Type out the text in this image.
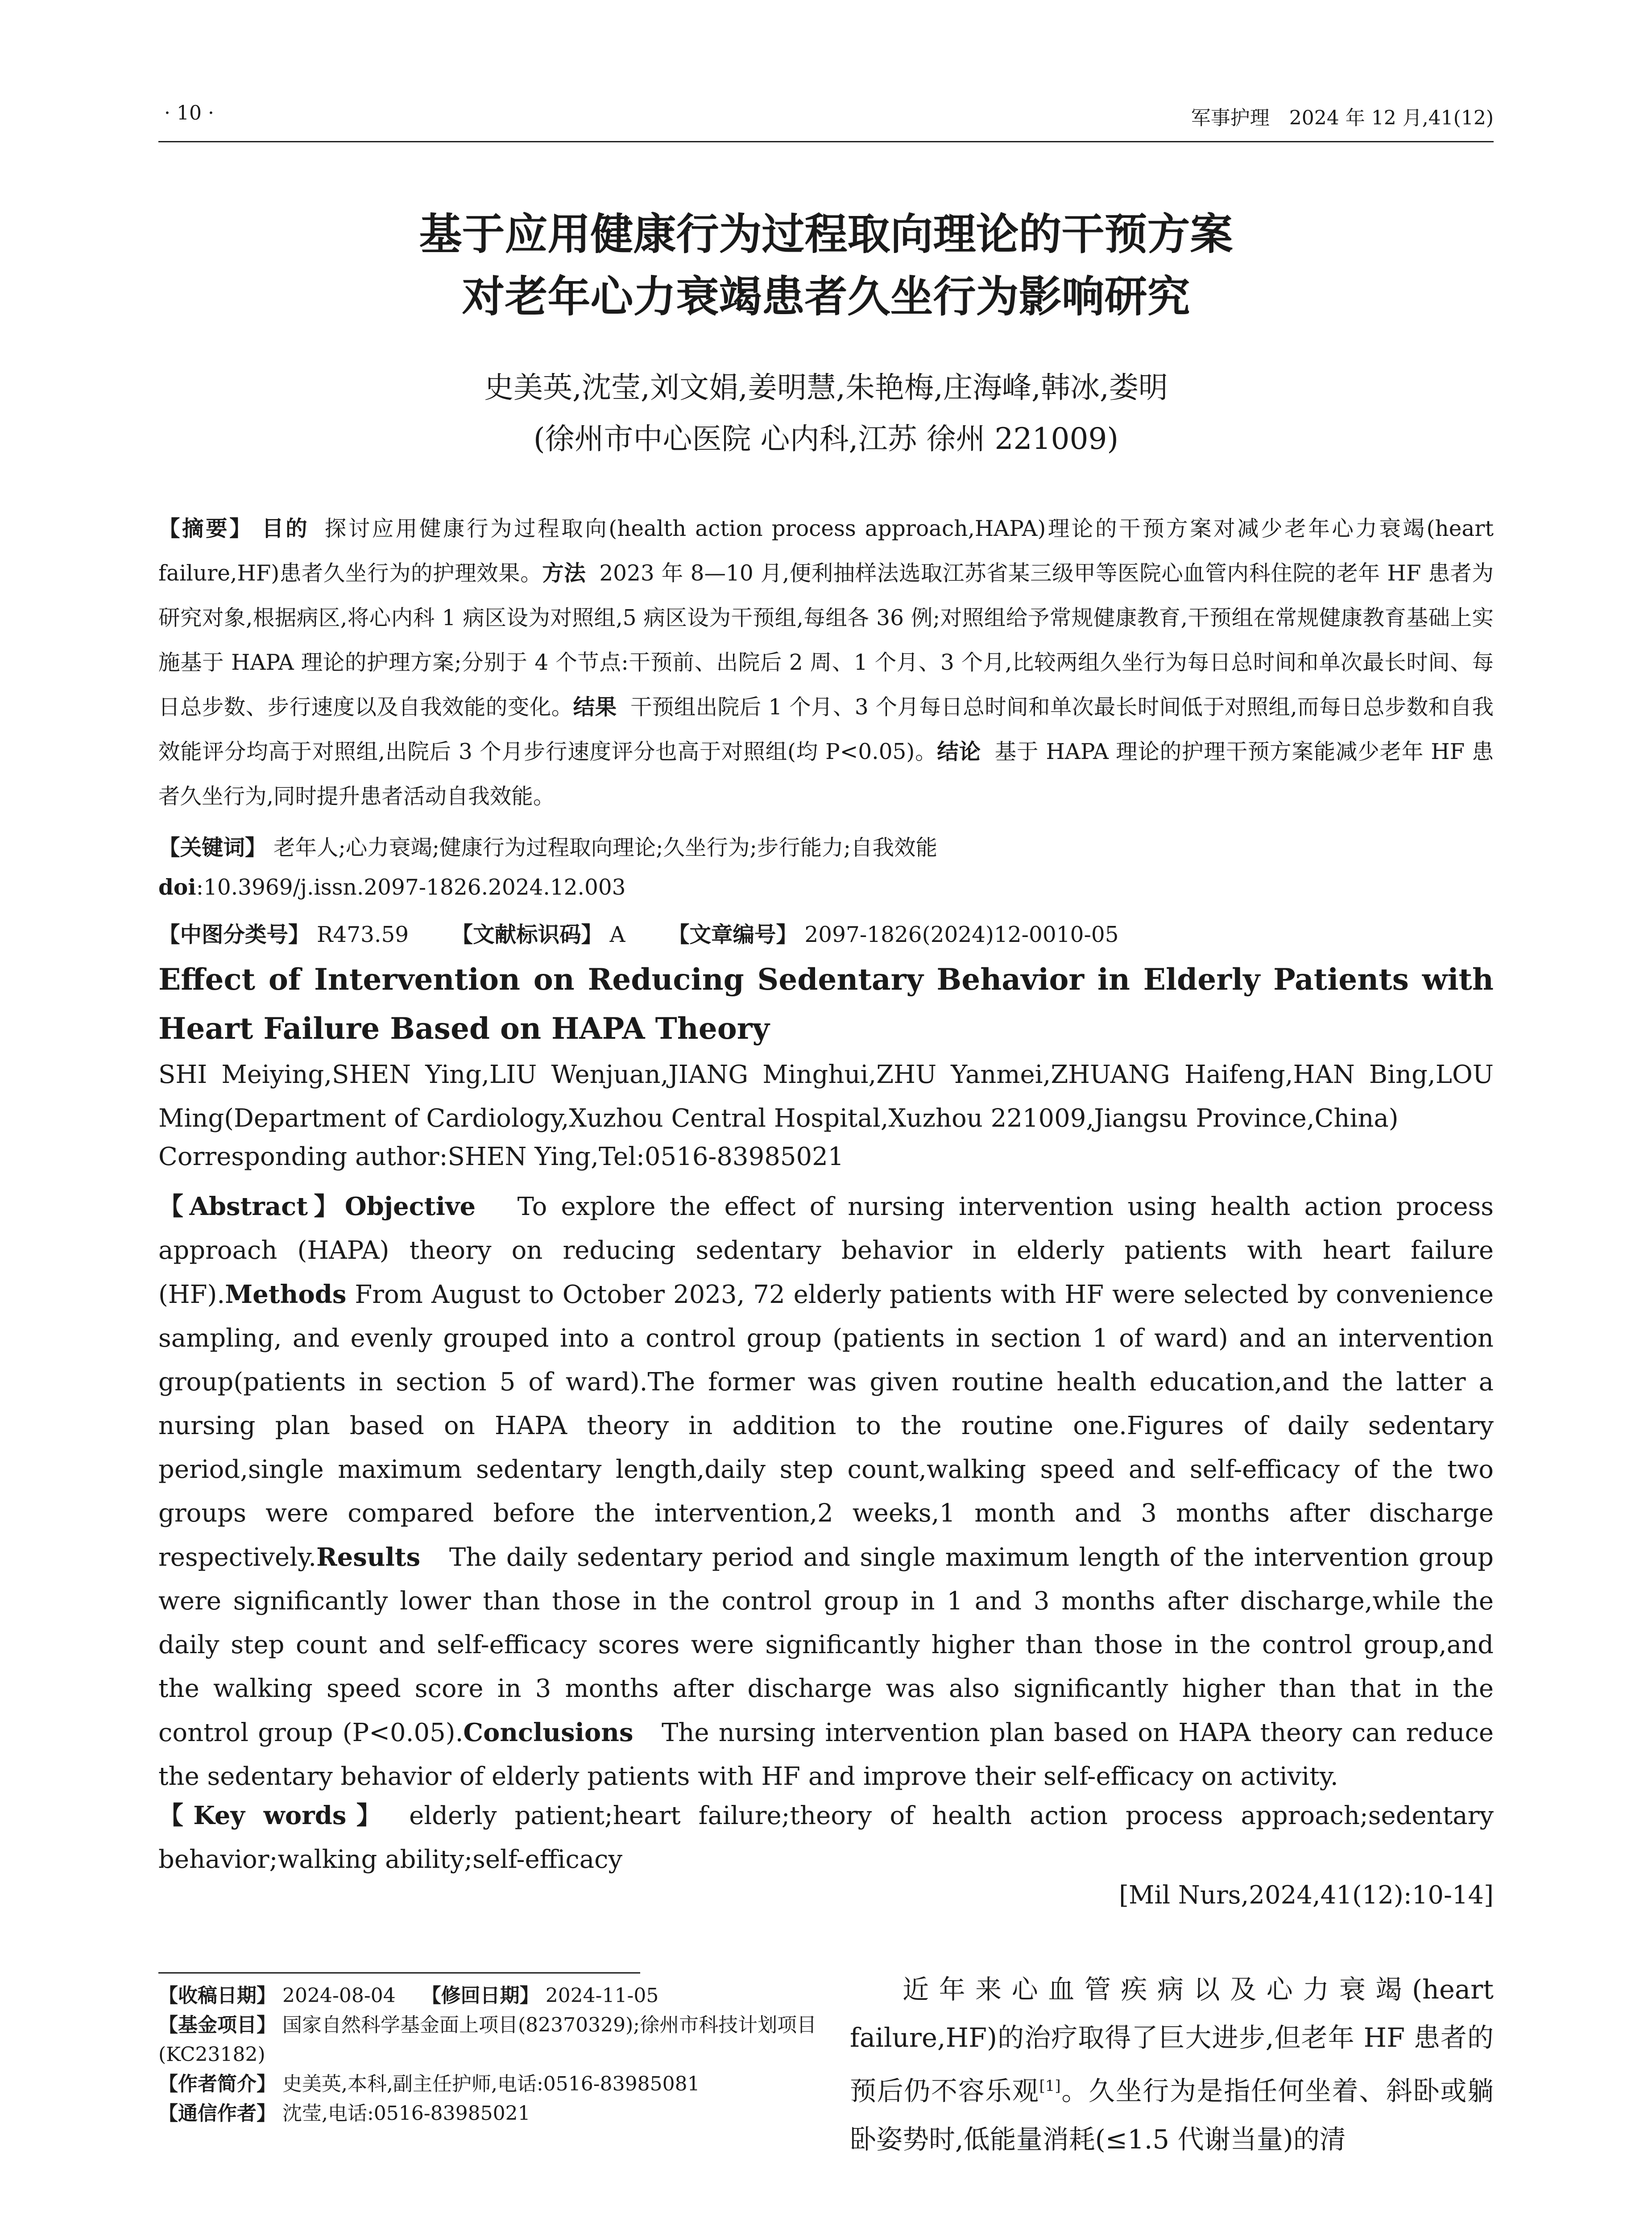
· 10 ·	军事护理　2024 年 12 月,41(12)
基于应用健康行为过程取向理论的干预方案
对老年心力衰竭患者久坐行为影响研究
史美英,沈莹,刘文娟,姜明慧,朱艳梅,庄海峰,韩冰,娄明
(徐州市中心医院 心内科,江苏 徐州 221009)
【摘要】 目的 探讨应用健康行为过程取向(health action process approach,HAPA)理论的干预方案对减少老年心力衰竭(heart failure,HF)患者久坐行为的护理效果。方法 2023 年 8—10 月,便利抽样法选取江苏省某三级甲等医院心血管内科住院的老年 HF 患者为研究对象,根据病区,将心内科 1 病区设为对照组,5 病区设为干预组,每组各 36 例;对照组给予常规健康教育,干预组在常规健康教育基础上实施基于 HAPA 理论的护理方案;分别于 4 个节点:干预前、出院后 2 周、1 个月、3 个月,比较两组久坐行为每日总时间和单次最长时间、每日总步数、步行速度以及自我效能的变化。结果 干预组出院后 1 个月、3 个月每日总时间和单次最长时间低于对照组,而每日总步数和自我效能评分均高于对照组,出院后 3 个月步行速度评分也高于对照组(均 P<0.05)。结论 基于 HAPA 理论的护理干预方案能减少老年 HF 患者久坐行为,同时提升患者活动自我效能。
【关键词】 老年人;心力衰竭;健康行为过程取向理论;久坐行为;步行能力;自我效能
doi:10.3969/j.issn.2097-1826.2024.12.003
【中图分类号】 R473.59 【文献标识码】 A 【文章编号】 2097-1826(2024)12-0010-05
Effect of Intervention on Reducing Sedentary Behavior in Elderly Patients with Heart Failure Based on HAPA Theory
SHI Meiying,SHEN Ying,LIU Wenjuan,JIANG Minghui,ZHU Yanmei,ZHUANG Haifeng,HAN Bing,LOU Ming(Department of Cardiology,Xuzhou Central Hospital,Xuzhou 221009,Jiangsu Province,China)
Corresponding author:SHEN Ying,Tel:0516-83985021
【Abstract】Objective To explore the effect of nursing intervention using health action process approach (HAPA) theory on reducing sedentary behavior in elderly patients with heart failure (HF).Methods From August to October 2023, 72 elderly patients with HF were selected by convenience sampling, and evenly grouped into a control group (patients in section 1 of ward) and an intervention group(patients in section 5 of ward).The former was given routine health education,and the latter a nursing plan based on HAPA theory in addition to the routine one.Figures of daily sedentary period,single maximum sedentary length,daily step count,walking speed and self-efficacy of the two groups were compared before the intervention,2 weeks,1 month and 3 months after discharge respectively.Results The daily sedentary period and single maximum length of the intervention group were significantly lower than those in the control group in 1 and 3 months after discharge,while the daily step count and self-efficacy scores were significantly higher than those in the control group,and the walking speed score in 3 months after discharge was also significantly higher than that in the control group (P<0.05).Conclusions The nursing intervention plan based on HAPA theory can reduce the sedentary behavior of elderly patients with HF and improve their self-efficacy on activity.
【Key words】 elderly patient;heart failure;theory of health action process approach;sedentary behavior;walking ability;self-efficacy
[Mil Nurs,2024,41(12):10-14]
【收稿日期】 2024-08-04 【修回日期】 2024-11-05
【基金项目】 国家自然科学基金面上项目(82370329);徐州市科技计划项目(KC23182)
【作者简介】 史美英,本科,副主任护师,电话:0516-83985081
【通信作者】 沈莹,电话:0516-83985021
近年来心血管疾病以及心力衰竭(heart failure,HF)的治疗取得了巨大进步,但老年 HF 患者的预后仍不容乐观[1]。久坐行为是指任何坐着、斜卧或躺卧姿势时,低能量消耗(≤1.5 代谢当量)的清
